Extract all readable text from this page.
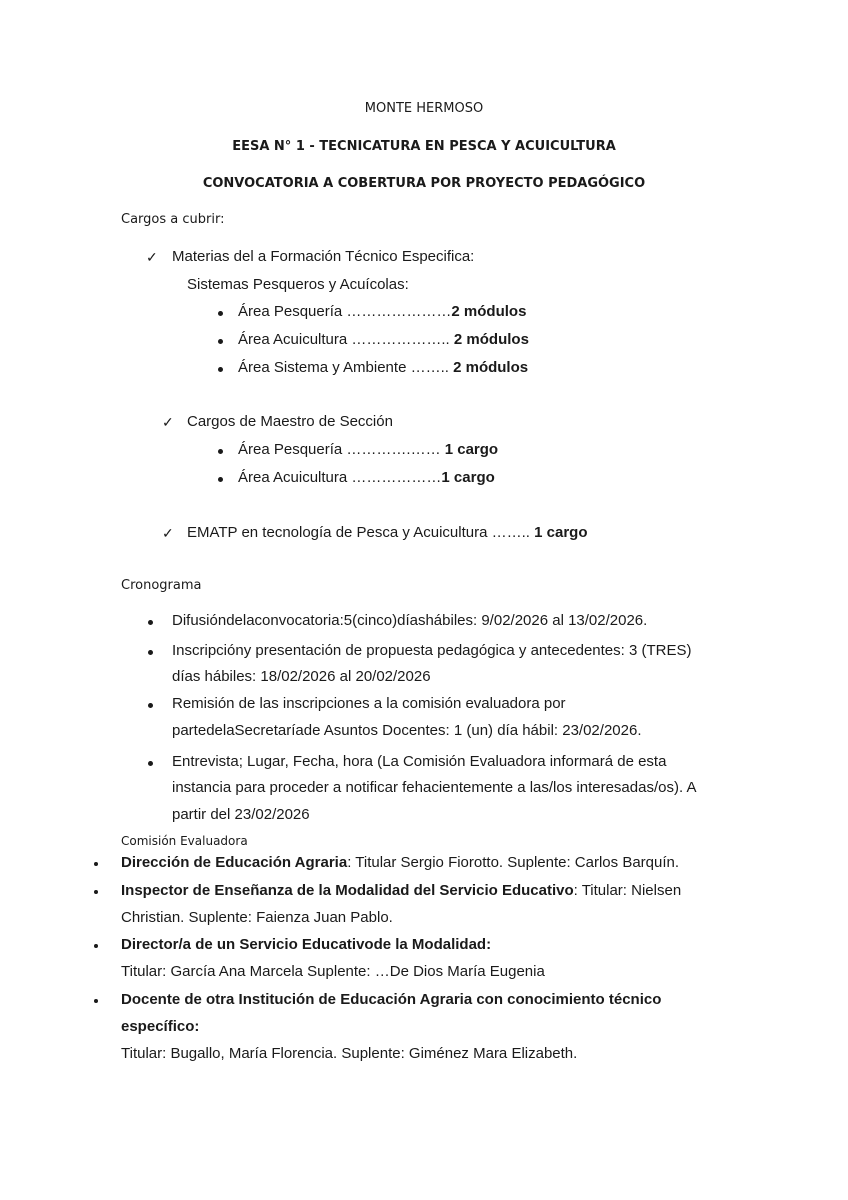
MONTE HERMOSO
EESA N° 1 - TECNICATURA EN PESCA Y ACUICULTURA
CONVOCATORIA A COBERTURA POR PROYECTO PEDAGÓGICO
Cargos a cubrir:
✓ Materias del a Formación Técnico Especifica:
Sistemas Pesqueros y Acuícolas:
Área Pesquería …………………2 módulos
Área Acuicultura ……………….. 2 módulos
Área Sistema y Ambiente …….. 2 módulos
✓ Cargos de Maestro de Sección
Área Pesquería ………….…… 1 cargo
Área Acuicultura ………………1 cargo
✓ EMATP en tecnología de Pesca y Acuicultura …….. 1 cargo
Cronograma
Difusióndelaconvocatoria:5(cinco)díashábiles: 9/02/2026 al 13/02/2026.
Inscripcióny presentación de propuesta pedagógica y antecedentes: 3 (TRES)
días hábiles: 18/02/2026 al 20/02/2026
Remisión de las inscripciones a la comisión evaluadora por
partedelaSecretaríade Asuntos Docentes: 1 (un) día hábil: 23/02/2026.
Entrevista; Lugar, Fecha, hora (La Comisión Evaluadora informará de esta
instancia para proceder a notificar fehacientemente a las/los interesadas/os). A
partir del 23/02/2026
Comisión Evaluadora
Dirección de Educación Agraria: Titular Sergio Fiorotto. Suplente: Carlos Barquín.
Inspector de Enseñanza de la Modalidad del Servicio Educativo: Titular: Nielsen
Christian. Suplente: Faienza Juan Pablo.
Director/a de un Servicio Educativode la Modalidad:
Titular: García Ana Marcela Suplente: …De Dios María Eugenia
Docente de otra Institución de Educación Agraria con conocimiento técnico
específico:
Titular: Bugallo, María Florencia. Suplente: Giménez Mara Elizabeth.
